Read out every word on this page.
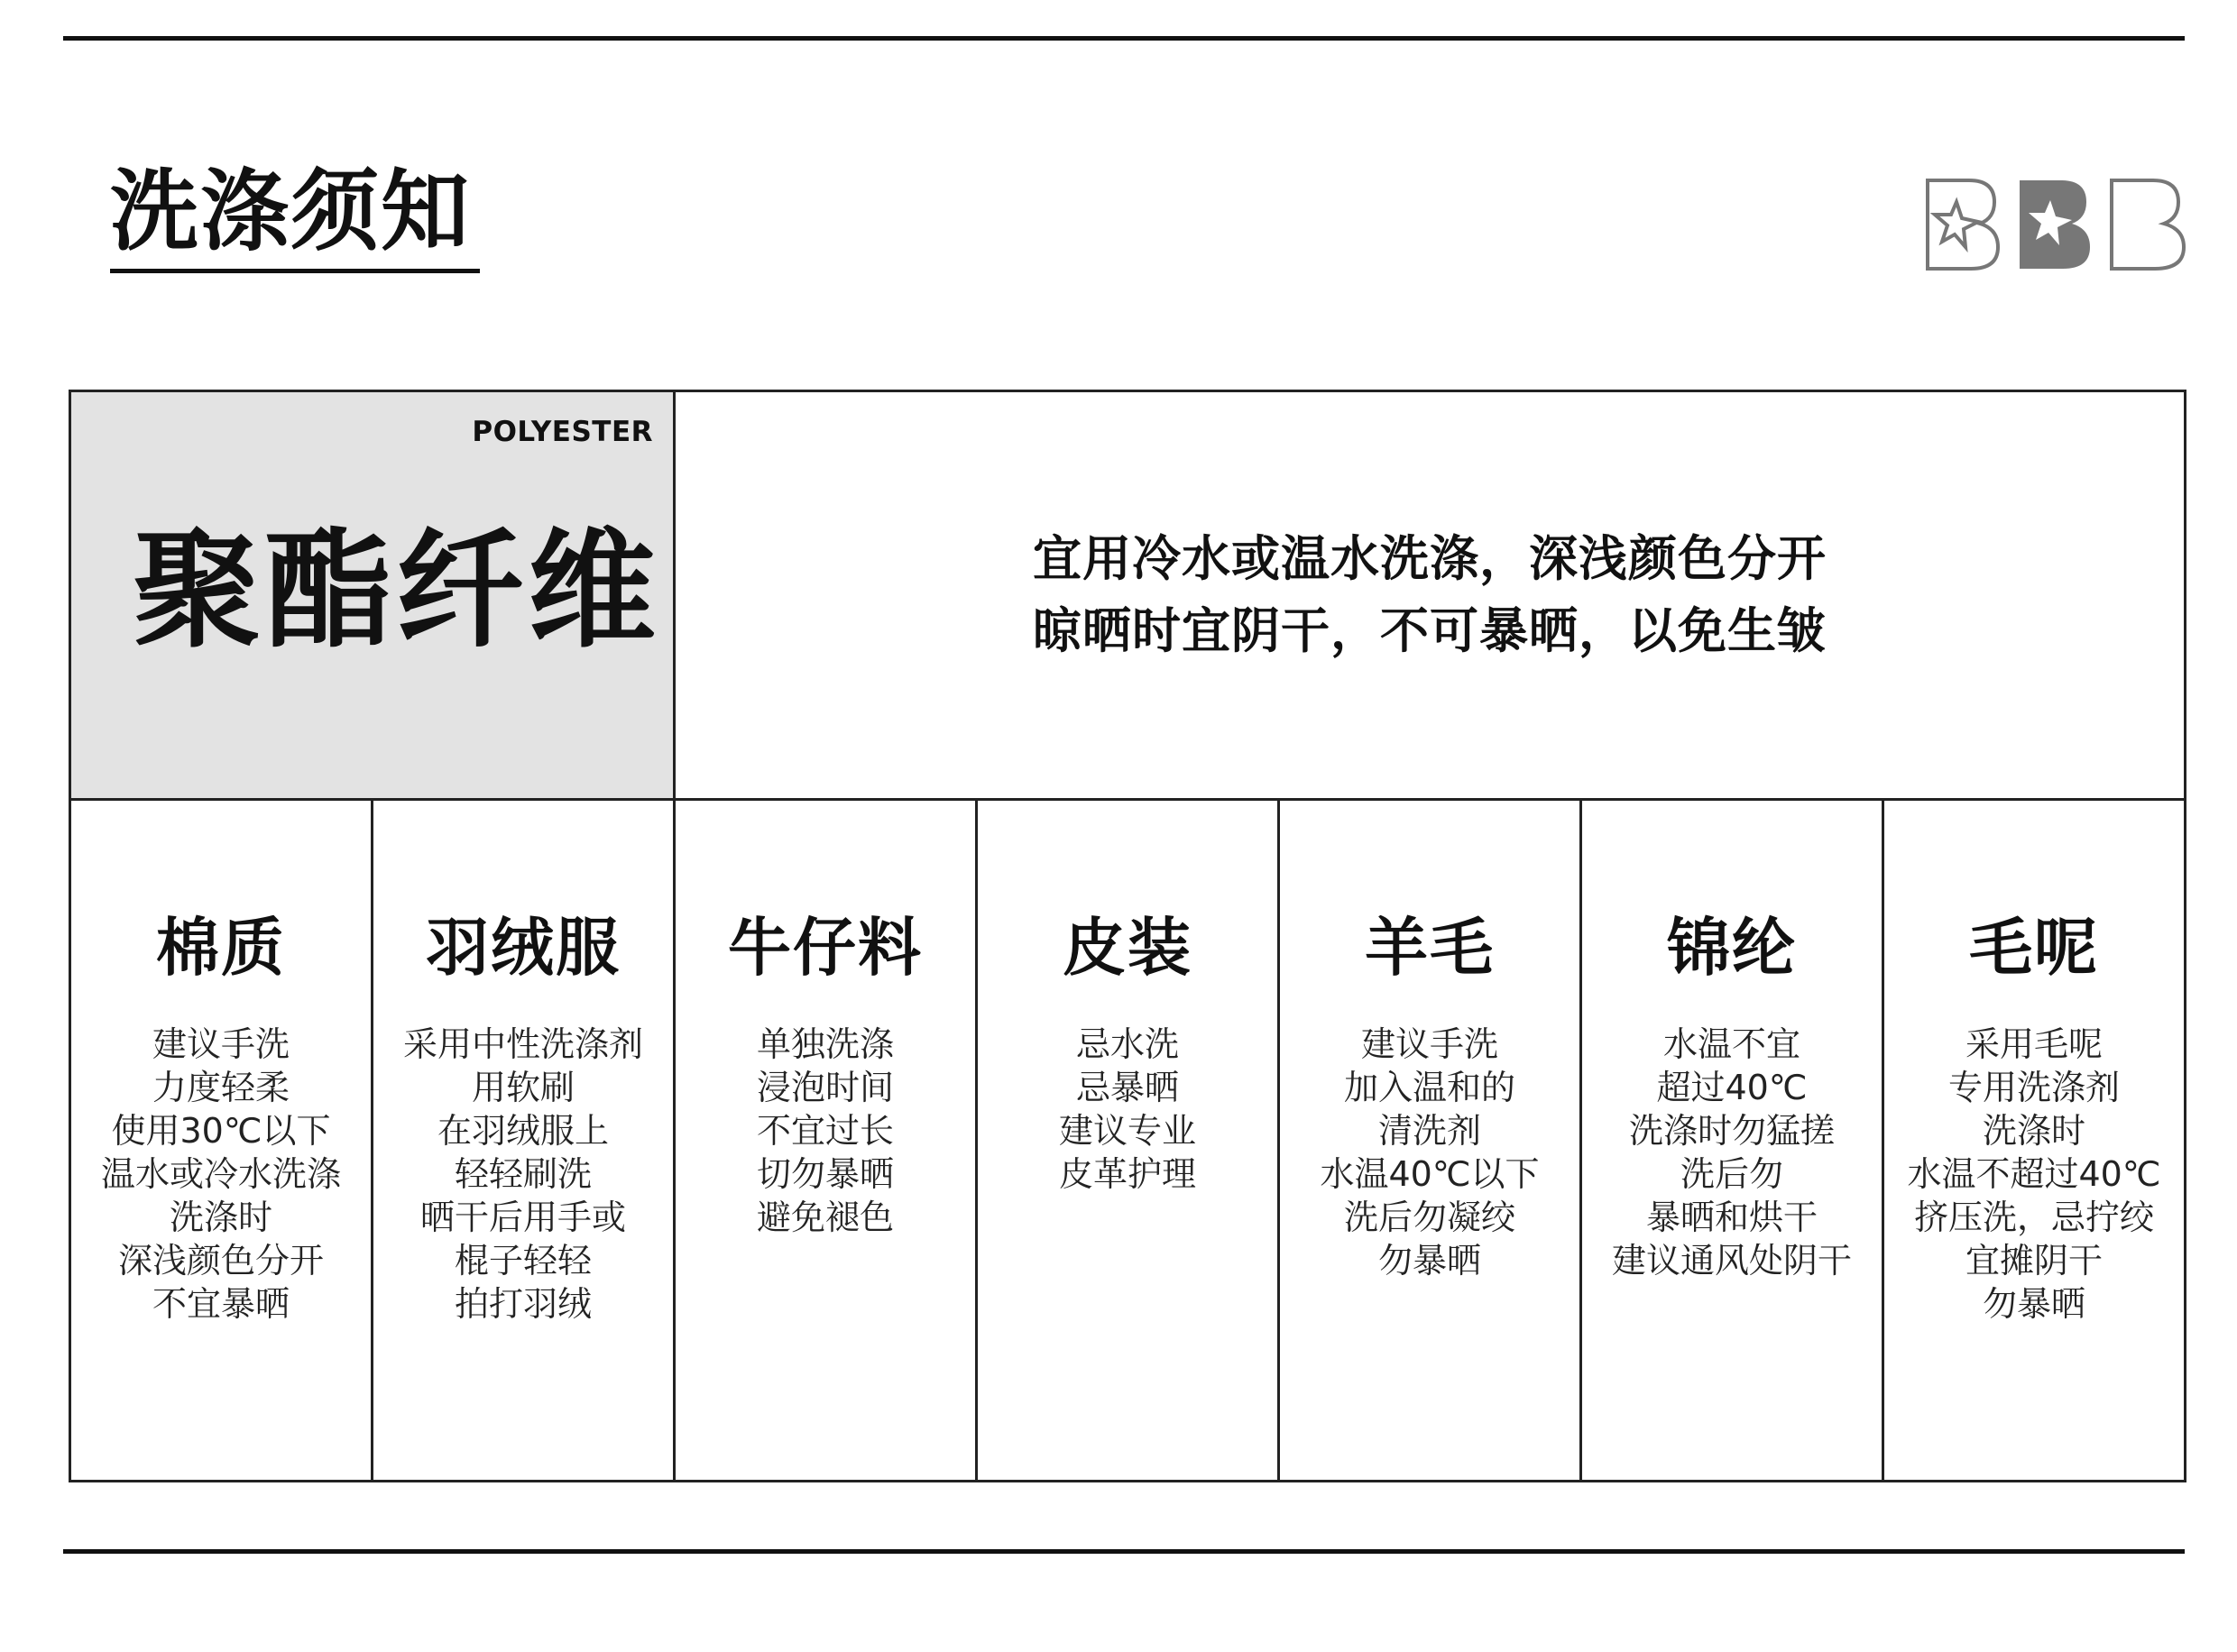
洗涤须知
POLYESTER
聚酯纤维	宜用冷水或温水洗涤，深浅颜色分开
晾晒时宜阴干，不可暴晒，以免生皱
棉质
建议手洗
力度轻柔
使用30℃以下
温水或冷水洗涤
洗涤时
深浅颜色分开
不宜暴晒
羽绒服
采用中性洗涤剂
用软刷
在羽绒服上
轻轻刷洗
晒干后用手或
棍子轻轻
拍打羽绒
牛仔料
单独洗涤
浸泡时间
不宜过长
切勿暴晒
避免褪色
皮装
忌水洗
忌暴晒
建议专业
皮革护理
羊毛
建议手洗
加入温和的
清洗剂
水温40℃以下
洗后勿凝绞
勿暴晒
锦纶
水温不宜
超过40℃
洗涤时勿猛搓
洗后勿
暴晒和烘干
建议通风处阴干
毛呢
采用毛呢
专用洗涤剂
洗涤时
水温不超过40℃
挤压洗，忌拧绞
宜摊阴干
勿暴晒
